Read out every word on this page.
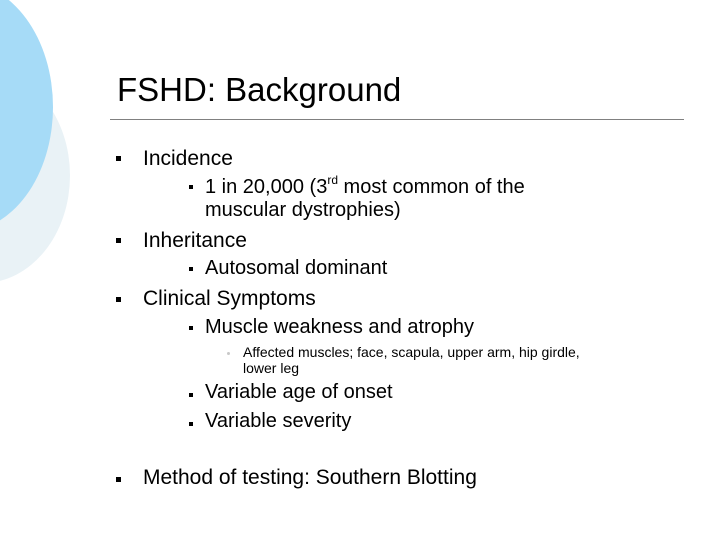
FSHD: Background
Incidence
1 in 20,000 (3rd most common of the
muscular dystrophies)
Inheritance
Autosomal dominant
Clinical Symptoms
Muscle weakness and atrophy
Affected muscles; face, scapula, upper arm, hip girdle,
lower leg
Variable age of onset
Variable severity
Method of testing: Southern Blotting
